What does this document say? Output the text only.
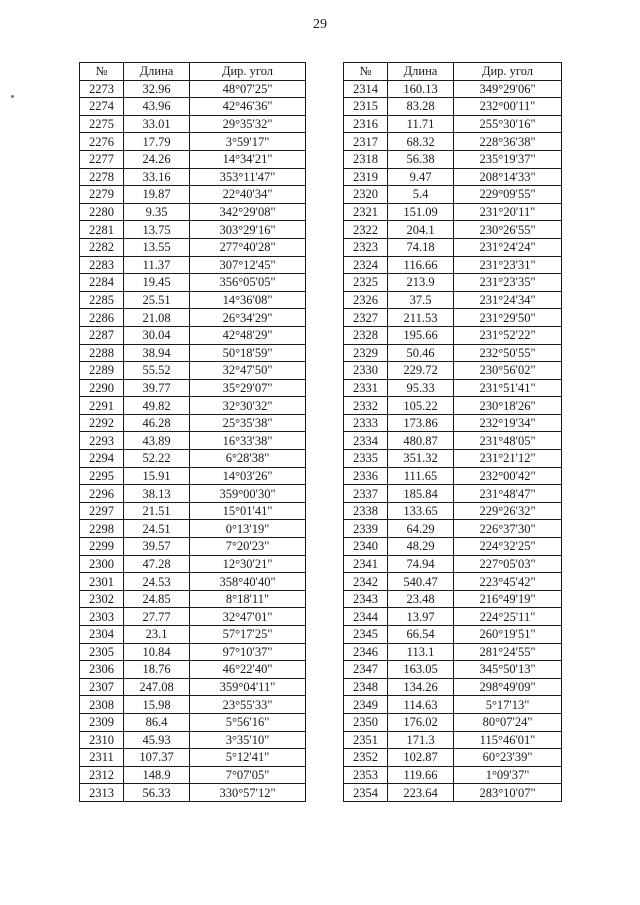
29
№	Длина	Дир. угол
2273	32.96	48°07'25"
2274	43.96	42°46'36"
2275	33.01	29°35'32"
2276	17.79	3°59'17"
2277	24.26	14°34'21"
2278	33.16	353°11'47"
2279	19.87	22°40'34"
2280	9.35	342°29'08"
2281	13.75	303°29'16"
2282	13.55	277°40'28"
2283	11.37	307°12'45"
2284	19.45	356°05'05"
2285	25.51	14°36'08"
2286	21.08	26°34'29"
2287	30.04	42°48'29"
2288	38.94	50°18'59"
2289	55.52	32°47'50"
2290	39.77	35°29'07"
2291	49.82	32°30'32"
2292	46.28	25°35'38"
2293	43.89	16°33'38"
2294	52.22	6°28'38"
2295	15.91	14°03'26"
2296	38.13	359°00'30"
2297	21.51	15°01'41"
2298	24.51	0°13'19"
2299	39.57	7°20'23"
2300	47.28	12°30'21"
2301	24.53	358°40'40"
2302	24.85	8°18'11"
2303	27.77	32°47'01"
2304	23.1	57°17'25"
2305	10.84	97°10'37"
2306	18.76	46°22'40"
2307	247.08	359°04'11"
2308	15.98	23°55'33"
2309	86.4	5°56'16"
2310	45.93	3°35'10"
2311	107.37	5°12'41"
2312	148.9	7°07'05"
2313	56.33	330°57'12"
№	Длина	Дир. угол
2314	160.13	349°29'06"
2315	83.28	232°00'11"
2316	11.71	255°30'16"
2317	68.32	228°36'38"
2318	56.38	235°19'37"
2319	9.47	208°14'33"
2320	5.4	229°09'55"
2321	151.09	231°20'11"
2322	204.1	230°26'55"
2323	74.18	231°24'24"
2324	116.66	231°23'31"
2325	213.9	231°23'35"
2326	37.5	231°24'34"
2327	211.53	231°29'50"
2328	195.66	231°52'22"
2329	50.46	232°50'55"
2330	229.72	230°56'02"
2331	95.33	231°51'41"
2332	105.22	230°18'26"
2333	173.86	232°19'34"
2334	480.87	231°48'05"
2335	351.32	231°21'12"
2336	111.65	232°00'42"
2337	185.84	231°48'47"
2338	133.65	229°26'32"
2339	64.29	226°37'30"
2340	48.29	224°32'25"
2341	74.94	227°05'03"
2342	540.47	223°45'42"
2343	23.48	216°49'19"
2344	13.97	224°25'11"
2345	66.54	260°19'51"
2346	113.1	281°24'55"
2347	163.05	345°50'13"
2348	134.26	298°49'09"
2349	114.63	5°17'13"
2350	176.02	80°07'24"
2351	171.3	115°46'01"
2352	102.87	60°23'39"
2353	119.66	1°09'37"
2354	223.64	283°10'07"
